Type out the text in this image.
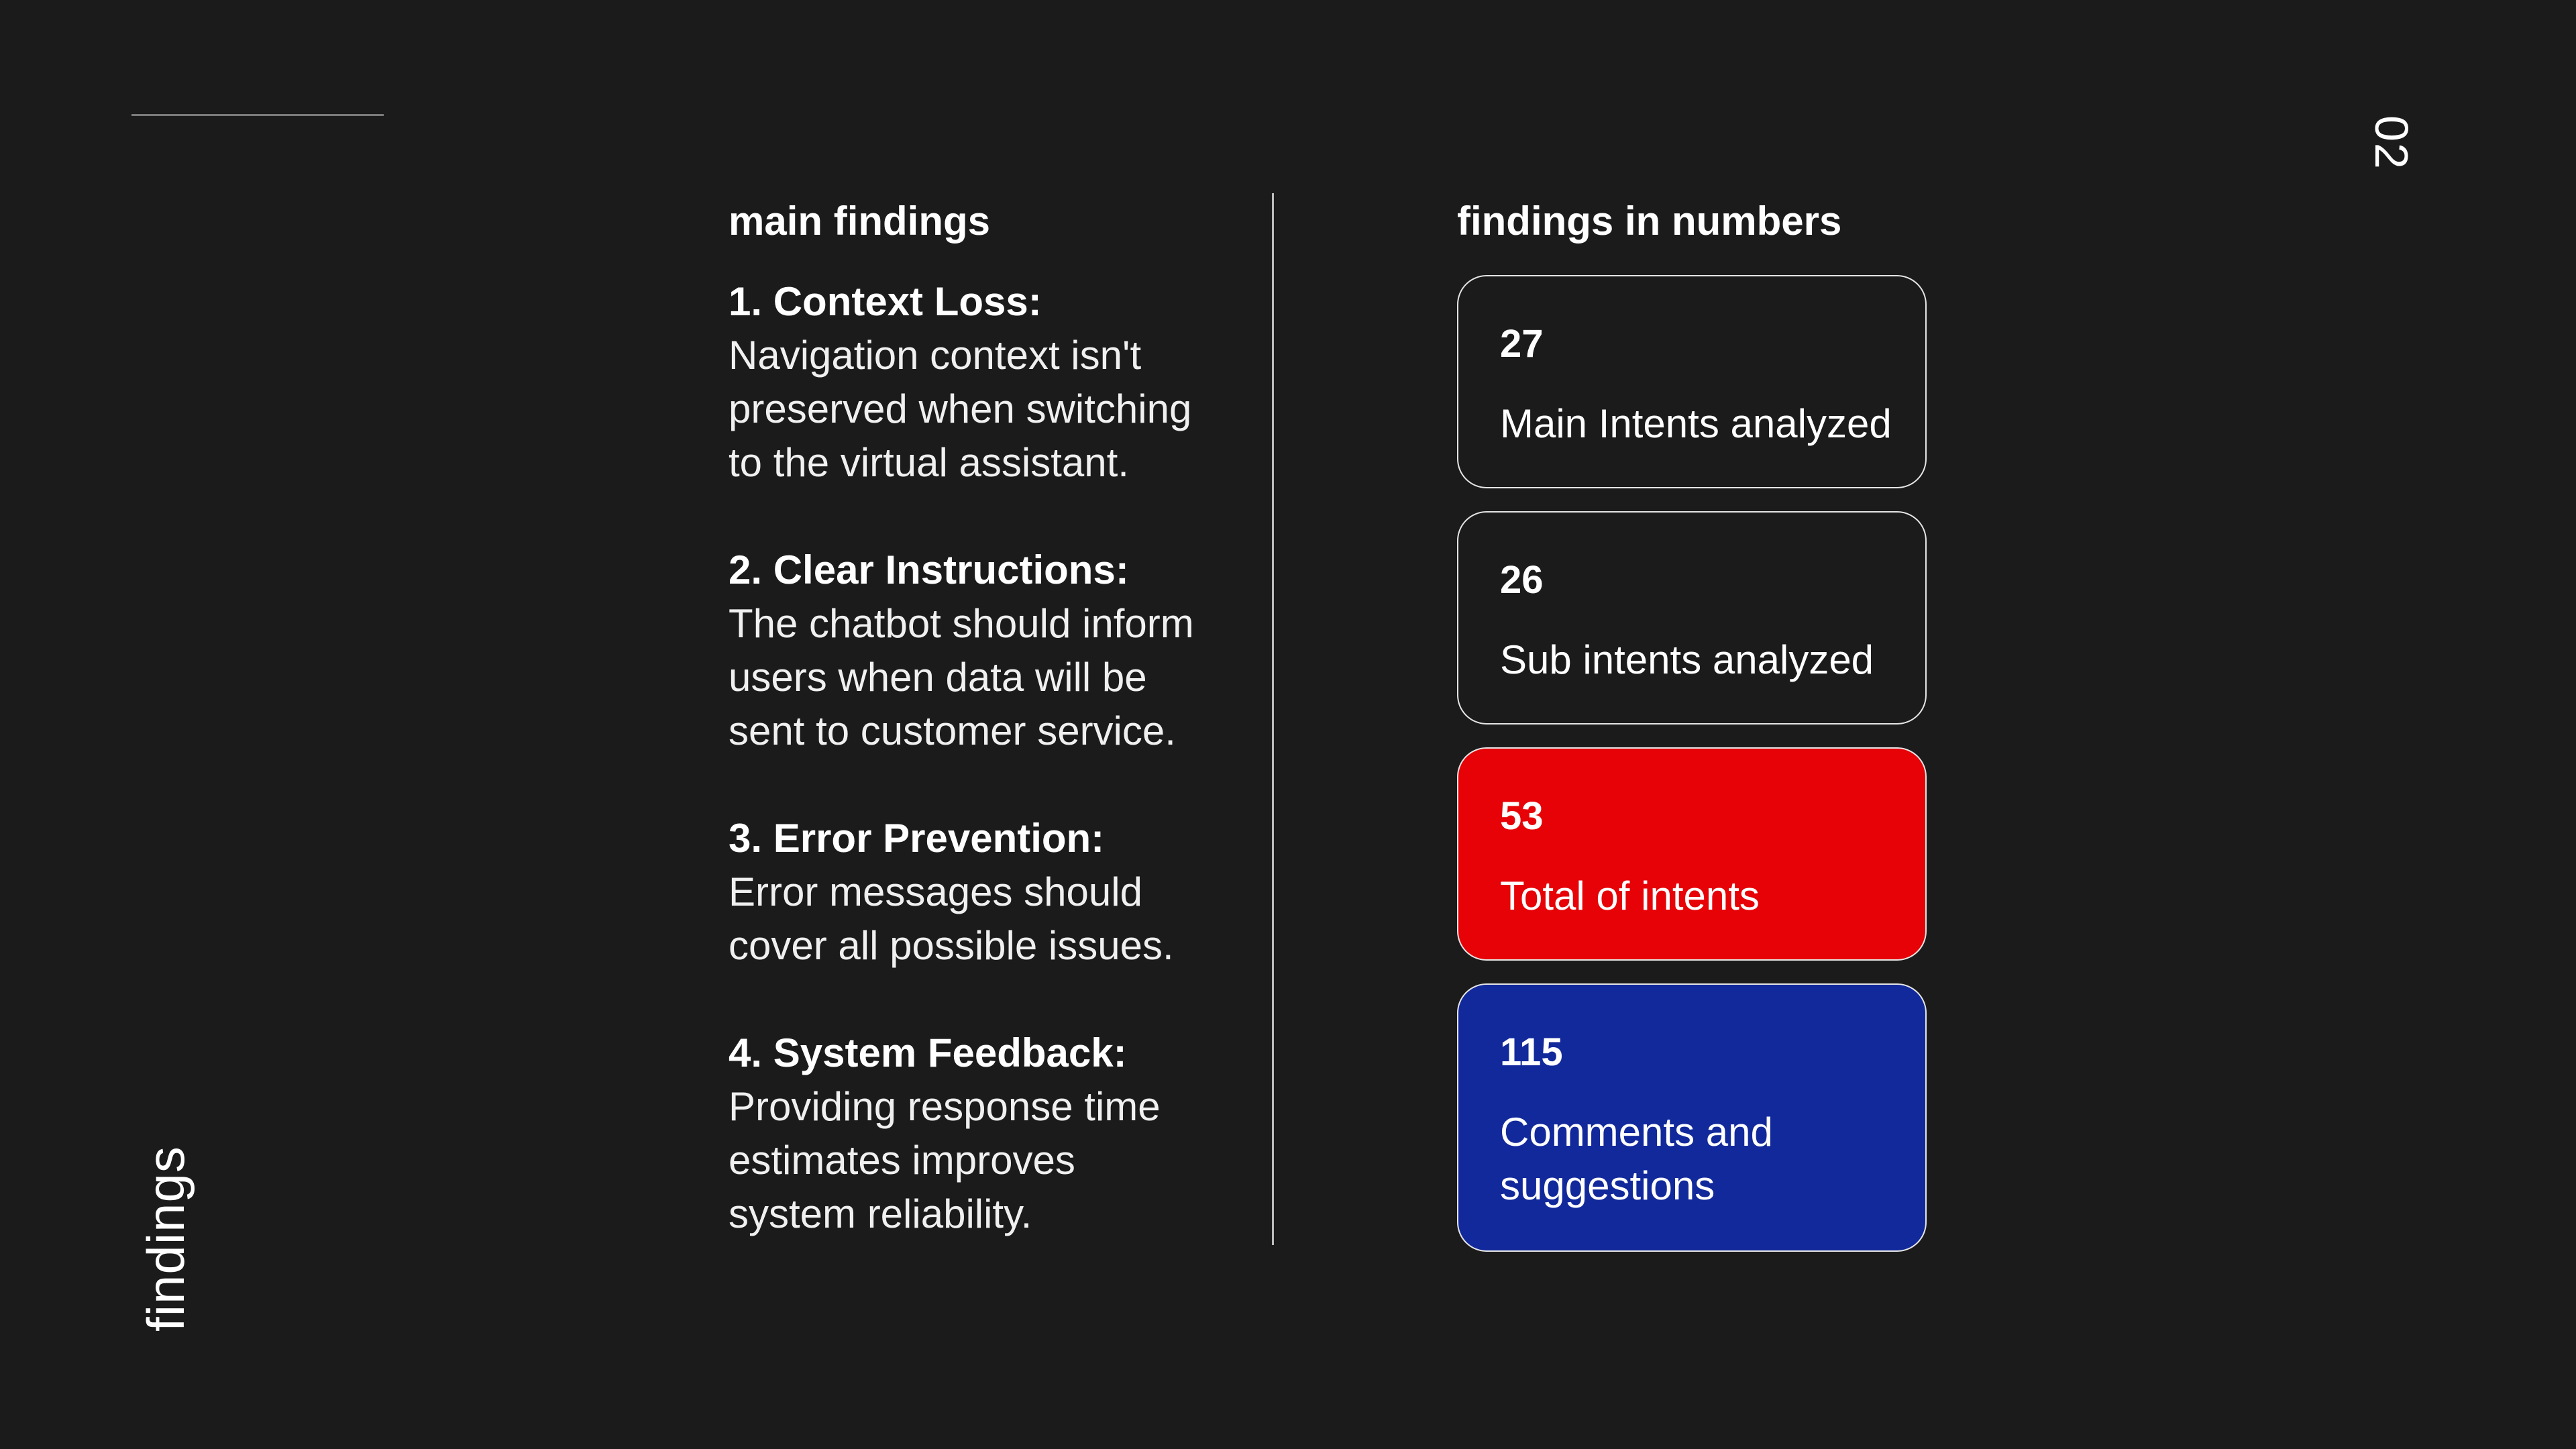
02
findings
main findings
1. Context Loss:
Navigation context isn't
preserved when switching
to the virtual assistant.
2. Clear Instructions:
The chatbot should inform
users when data will be
sent to customer service.
3. Error Prevention:
Error messages should
cover all possible issues.
4. System Feedback:
Providing response time
estimates improves
system reliability.
findings in numbers
27
Main Intents analyzed
26
Sub intents analyzed
53
Total of intents
115
Comments and
suggestions
